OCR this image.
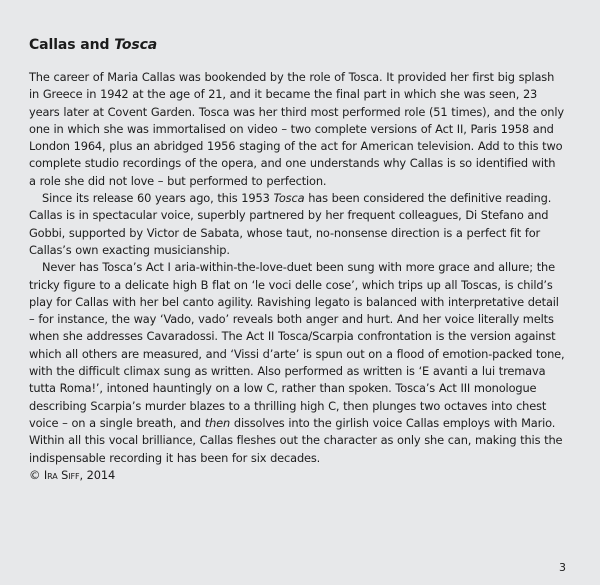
Callas and Tosca

The career of Maria Callas was bookended by the role of Tosca. It provided her first big splash in Greece in 1942 at the age of 21, and it became the final part in which she was seen, 23 years later at Covent Garden. Tosca was her third most performed role (51 times), and the only one in which she was immortalised on video – two complete versions of Act II, Paris 1958 and London 1964, plus an abridged 1956 staging of the act for American television. Add to this two complete studio recordings of the opera, and one understands why Callas is so identified with a role she did not love – but performed to perfection.

Since its release 60 years ago, this 1953 Tosca has been considered the definitive reading. Callas is in spectacular voice, superbly partnered by her frequent colleagues, Di Stefano and Gobbi, supported by Victor de Sabata, whose taut, no-nonsense direction is a perfect fit for Callas’s own exacting musicianship.

Never has Tosca’s Act I aria-within-the-love-duet been sung with more grace and allure; the tricky figure to a delicate high B flat on ‘le voci delle cose’, which trips up all Toscas, is child’s play for Callas with her bel canto agility. Ravishing legato is balanced with interpretative detail – for instance, the way ‘Vado, vado’ reveals both anger and hurt. And her voice literally melts when she addresses Cavaradossi. The Act II Tosca/Scarpia confrontation is the version against which all others are measured, and ‘Vissi d’arte’ is spun out on a flood of emotion-packed tone, with the difficult climax sung as written. Also performed as written is ‘E avanti a lui tremava tutta Roma!’, intoned hauntingly on a low C, rather than spoken. Tosca’s Act III monologue describing Scarpia’s murder blazes to a thrilling high C, then plunges two octaves into chest voice – on a single breath, and then dissolves into the girlish voice Callas employs with Mario. Within all this vocal brilliance, Callas fleshes out the character as only she can, making this the indispensable recording it has been for six decades.

© Ira Siff, 2014

3
